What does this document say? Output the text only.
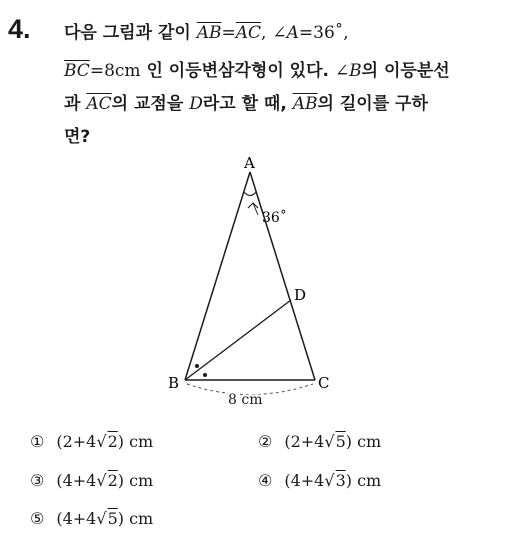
4. 다음 그림과 같이 $\overline{AB}=\overline{AC}$, ∠A=36˚,
$\overline{BC}=8cm$ 인 이등변삼각형이 있다. ∠B의 이등분선
과 $\overline{AC}$의 교점을 D라고 할 때, $\overline{AB}$의 길이를 구하
면?
A
B	C
D
36˚
8 cm
① (2+4√2) cm	② (2+4√5) cm
③ (4+4√2) cm	④ (4+4√3) cm
⑤ (4+4√5) cm
